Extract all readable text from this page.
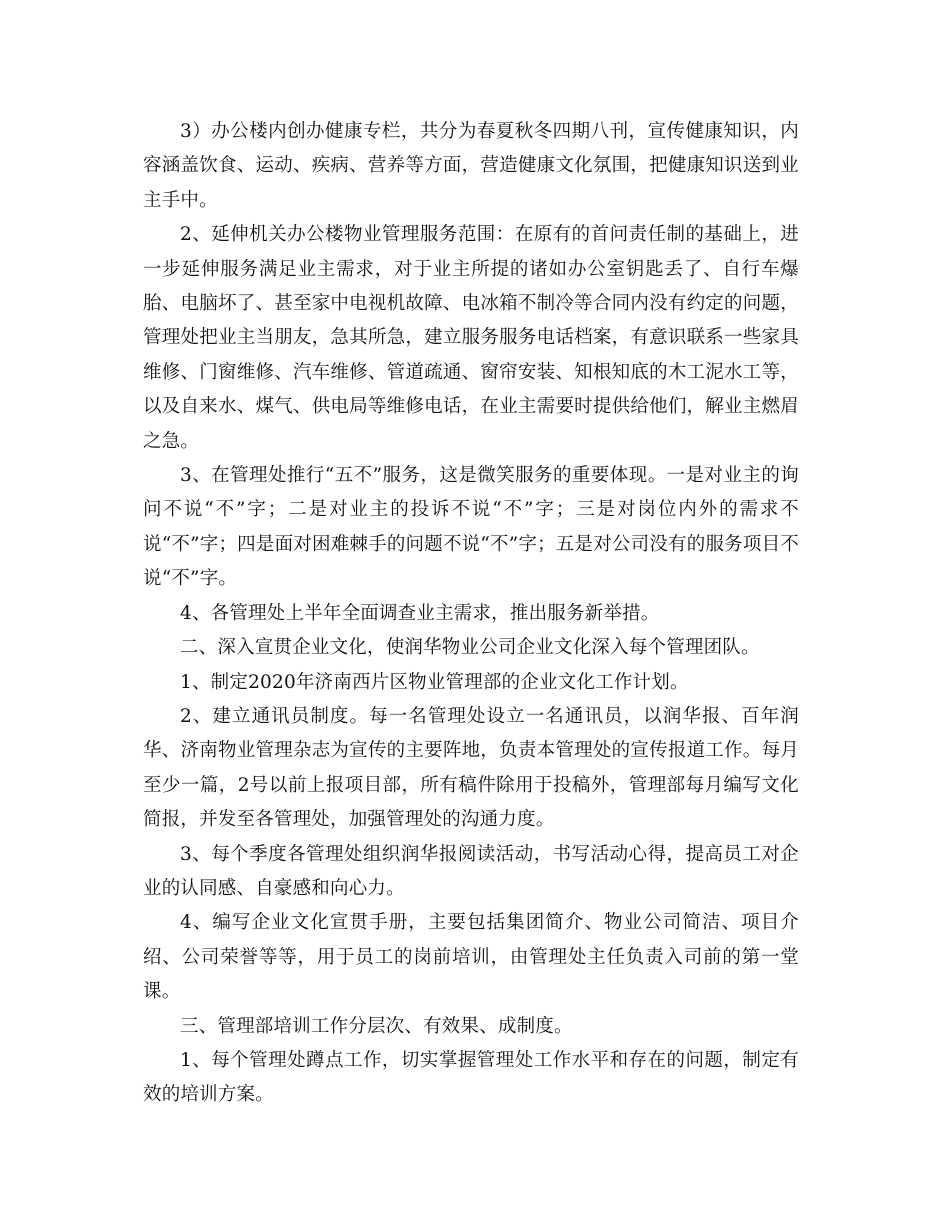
3）办公楼内创办健康专栏，共分为春夏秋冬四期八刊，宣传健康知识，内容涵盖饮食、运动、疾病、营养等方面，营造健康文化氛围，把健康知识送到业主手中。

2、延伸机关办公楼物业管理服务范围：在原有的首问责任制的基础上，进一步延伸服务满足业主需求，对于业主所提的诸如办公室钥匙丢了、自行车爆胎、电脑坏了、甚至家中电视机故障、电冰箱不制冷等合同内没有约定的问题，管理处把业主当朋友，急其所急，建立服务服务电话档案，有意识联系一些家具维修、门窗维修、汽车维修、管道疏通、窗帘安装、知根知底的木工泥水工等，以及自来水、煤气、供电局等维修电话，在业主需要时提供给他们，解业主燃眉之急。

3、在管理处推行“五不”服务，这是微笑服务的重要体现。一是对业主的询问不说“不”字；二是对业主的投诉不说“不”字；三是对岗位内外的需求不说“不”字；四是面对困难棘手的问题不说“不”字；五是对公司没有的服务项目不说“不”字。

4、各管理处上半年全面调查业主需求，推出服务新举措。

二、深入宣贯企业文化，使润华物业公司企业文化深入每个管理团队。

1、制定2020年济南西片区物业管理部的企业文化工作计划。

2、建立通讯员制度。每一名管理处设立一名通讯员，以润华报、百年润华、济南物业管理杂志为宣传的主要阵地，负责本管理处的宣传报道工作。每月至少一篇，2号以前上报项目部，所有稿件除用于投稿外，管理部每月编写文化简报，并发至各管理处，加强管理处的沟通力度。

3、每个季度各管理处组织润华报阅读活动，书写活动心得，提高员工对企业的认同感、自豪感和向心力。

4、编写企业文化宣贯手册，主要包括集团简介、物业公司简洁、项目介绍、公司荣誉等等，用于员工的岗前培训，由管理处主任负责入司前的第一堂课。

三、管理部培训工作分层次、有效果、成制度。

1、每个管理处蹲点工作，切实掌握管理处工作水平和存在的问题，制定有效的培训方案。
